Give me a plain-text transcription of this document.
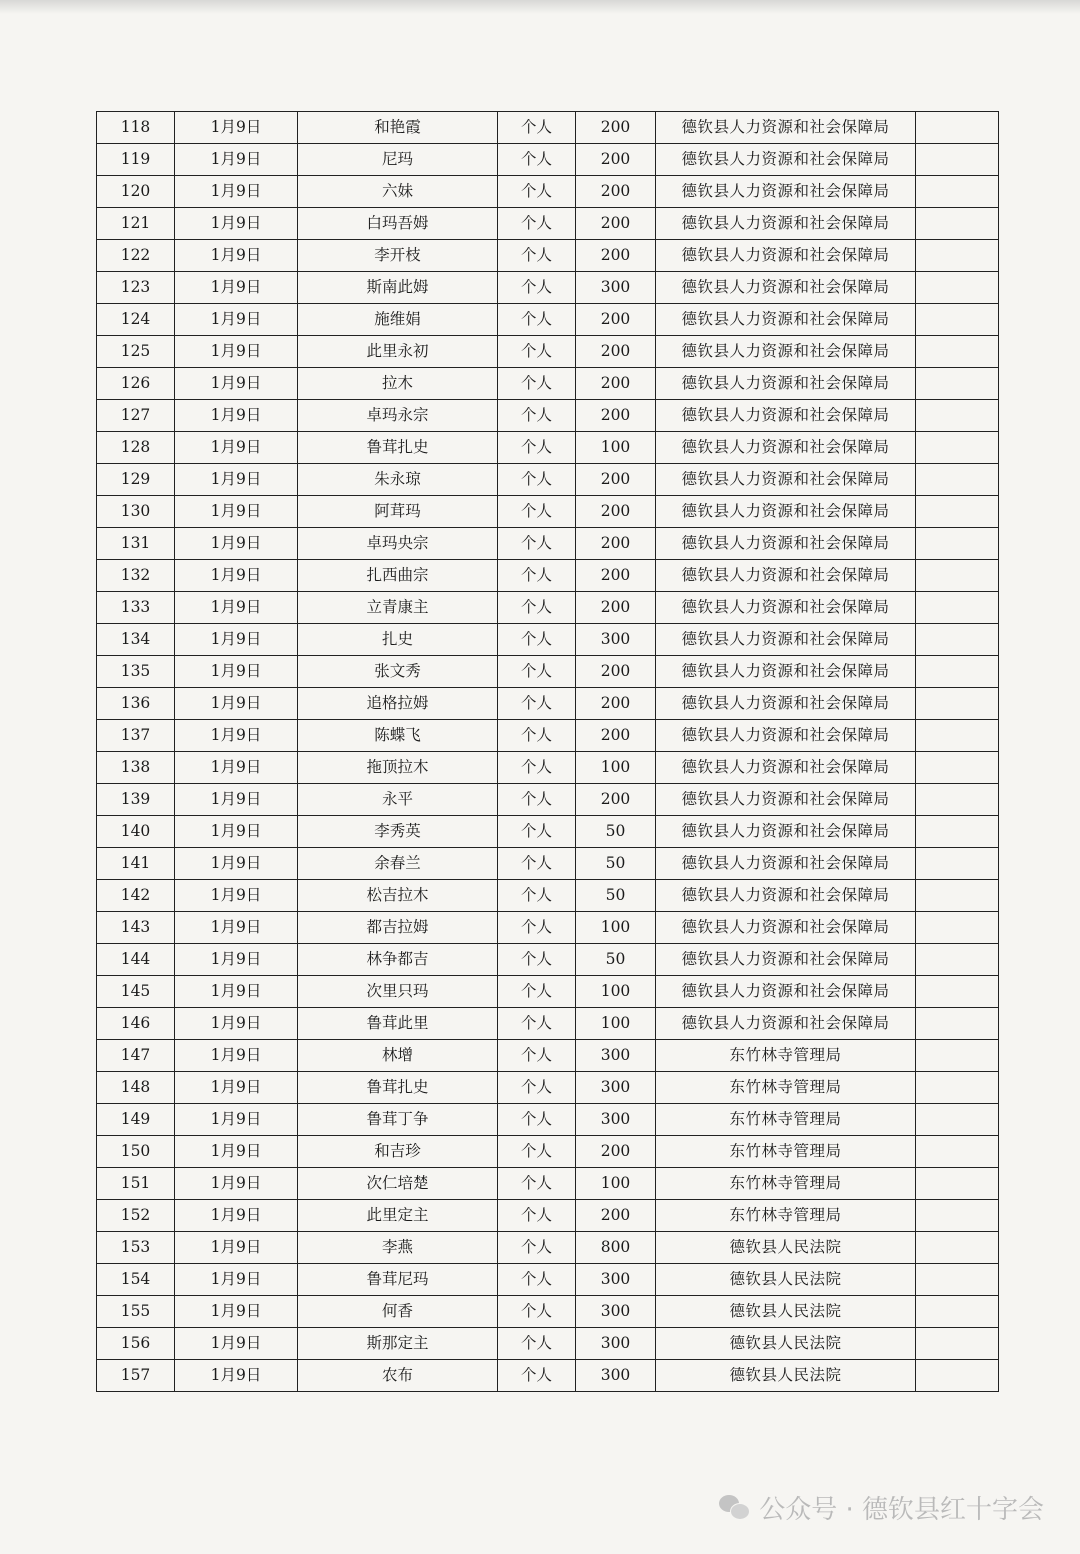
118	1月9日	和艳霞	个人	200	德钦县人力资源和社会保障局	
119	1月9日	尼玛	个人	200	德钦县人力资源和社会保障局	
120	1月9日	六妹	个人	200	德钦县人力资源和社会保障局	
121	1月9日	白玛吾姆	个人	200	德钦县人力资源和社会保障局	
122	1月9日	李开枝	个人	200	德钦县人力资源和社会保障局	
123	1月9日	斯南此姆	个人	300	德钦县人力资源和社会保障局	
124	1月9日	施维娟	个人	200	德钦县人力资源和社会保障局	
125	1月9日	此里永初	个人	200	德钦县人力资源和社会保障局	
126	1月9日	拉木	个人	200	德钦县人力资源和社会保障局	
127	1月9日	卓玛永宗	个人	200	德钦县人力资源和社会保障局	
128	1月9日	鲁茸扎史	个人	100	德钦县人力资源和社会保障局	
129	1月9日	朱永琼	个人	200	德钦县人力资源和社会保障局	
130	1月9日	阿茸玛	个人	200	德钦县人力资源和社会保障局	
131	1月9日	卓玛央宗	个人	200	德钦县人力资源和社会保障局	
132	1月9日	扎西曲宗	个人	200	德钦县人力资源和社会保障局	
133	1月9日	立青康主	个人	200	德钦县人力资源和社会保障局	
134	1月9日	扎史	个人	300	德钦县人力资源和社会保障局	
135	1月9日	张文秀	个人	200	德钦县人力资源和社会保障局	
136	1月9日	追格拉姆	个人	200	德钦县人力资源和社会保障局	
137	1月9日	陈蝶飞	个人	200	德钦县人力资源和社会保障局	
138	1月9日	拖顶拉木	个人	100	德钦县人力资源和社会保障局	
139	1月9日	永平	个人	200	德钦县人力资源和社会保障局	
140	1月9日	李秀英	个人	50	德钦县人力资源和社会保障局	
141	1月9日	余春兰	个人	50	德钦县人力资源和社会保障局	
142	1月9日	松吉拉木	个人	50	德钦县人力资源和社会保障局	
143	1月9日	都吉拉姆	个人	100	德钦县人力资源和社会保障局	
144	1月9日	林争都吉	个人	50	德钦县人力资源和社会保障局	
145	1月9日	次里只玛	个人	100	德钦县人力资源和社会保障局	
146	1月9日	鲁茸此里	个人	100	德钦县人力资源和社会保障局	
147	1月9日	林增	个人	300	东竹林寺管理局	
148	1月9日	鲁茸扎史	个人	300	东竹林寺管理局	
149	1月9日	鲁茸丁争	个人	300	东竹林寺管理局	
150	1月9日	和吉珍	个人	200	东竹林寺管理局	
151	1月9日	次仁培楚	个人	100	东竹林寺管理局	
152	1月9日	此里定主	个人	200	东竹林寺管理局	
153	1月9日	李燕	个人	800	德钦县人民法院	
154	1月9日	鲁茸尼玛	个人	300	德钦县人民法院	
155	1月9日	何香	个人	300	德钦县人民法院	
156	1月9日	斯那定主	个人	300	德钦县人民法院	
157	1月9日	农布	个人	300	德钦县人民法院	
公众号 · 德钦县红十字会
